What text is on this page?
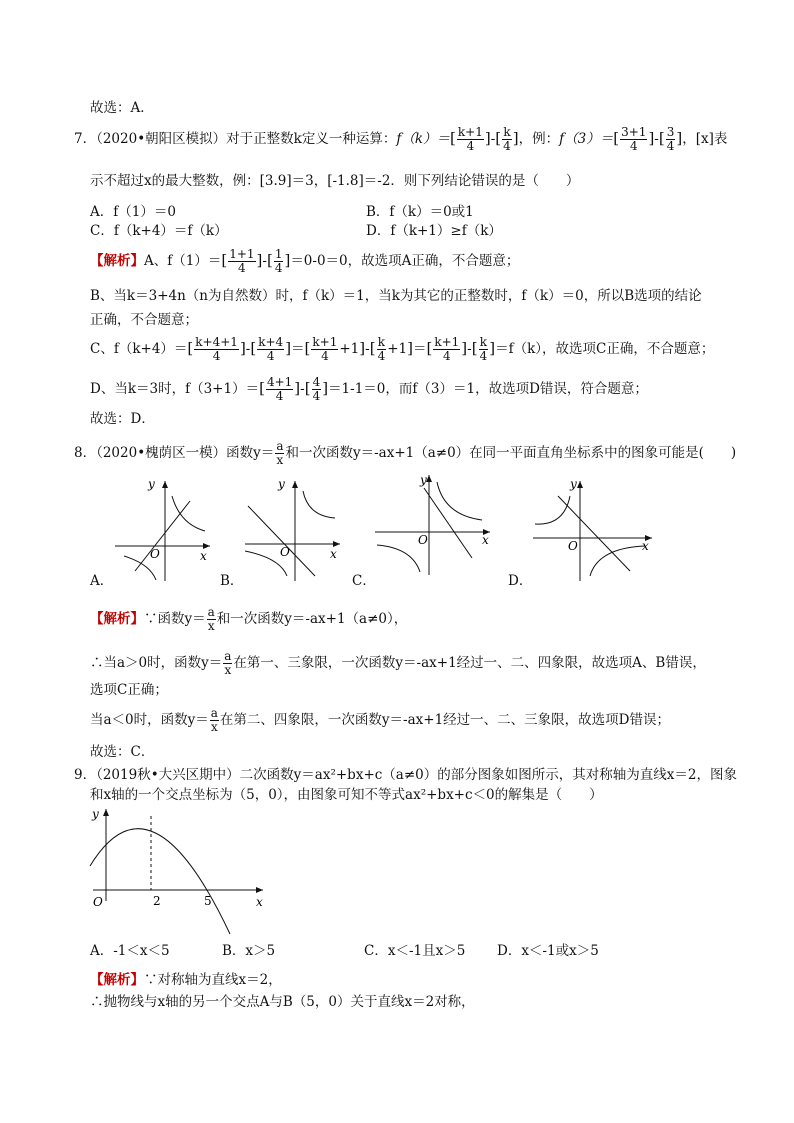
故选：A．
7．（2020•朝阳区模拟）对于正整数k定义一种运算：$f(k)=[ \frac{k+1}{4}$ ]-[ $\frac{k}{4}$ ]，例：$f(3)=[ \frac{3+1}{4}$ ]-[ $\frac{3}{4}$ ]，[x]表
示不超过x的最大整数，例：[3.9]＝3，[-1.8]＝-2．则下列结论错误的是（　　）
A．f（1）＝0	B．f（k）＝0或1
C．f（k+4）＝f（k）	D．f（k+1）≥f（k）
【解析】A、$f(1)=[ \frac{1+1}{4}$ ]-[ $\frac{1}{4} ]=0-0=0$，故选项A正确，不合题意；
B、当k＝3+4n（n为自然数）时，f（k）＝1，当k为其它的正整数时，f（k）＝0，所以B选项的结论
正确，不合题意；
C、$f(k+4)=[ \frac{k+4+1}{4}$ ]-[ $\frac{k+4}{4}$ ]＝[ $\frac{k+1}{4} +1]-[ \frac{k}{4} +1]=[ \frac{k+1}{4}$ ]-[ $\frac{k}{4} ]=f(k)$，故选项C正确，不合题意；
D、当k＝3时，$f(3+1)=[ \frac{4+1}{4}$ ]-[ $\frac{4}{4} ]=1-1=0$，而f（3）＝1，故选项D错误，符合题意；
故选：D．
8．（2020•槐荫区一模）函数$y= \frac{a}{x}$ 和一次函数y＝-ax+1（a≠0）在同一平面直角坐标系中的图象可能是(　　)
O	x
y
O	x
y
O	x
y
O	x
y
A．	B．	C．	D．
【解析】∵函数$y= \frac{a}{x}$ 和一次函数y＝-ax+1（a≠0），
∴当a＞0时，函数$y= \frac{a}{x}$ 在第一、三象限，一次函数y＝-ax+1经过一、二、四象限，故选项A、B错误，
选项C正确；
当a＜0时，函数$y= \frac{a}{x}$ 在第二、四象限，一次函数y＝-ax+1经过一、二、三象限，故选项D错误；
故选：C．
9．（2019秋•大兴区期中）二次函数y＝ax²+bx+c（a≠0）的部分图象如图所示，其对称轴为直线x＝2，图象
和x轴的一个交点坐标为（5，0），由图象可知不等式ax²+bx+c＜0的解集是（　　）
y
O	2	5	x
A．-1＜x＜5	B．x＞5	C．x＜-1且x＞5 D．x＜-1或x＞5
【解析】∵对称轴为直线x＝2，
∴抛物线与x轴的另一个交点A与B（5，0）关于直线x＝2对称，
